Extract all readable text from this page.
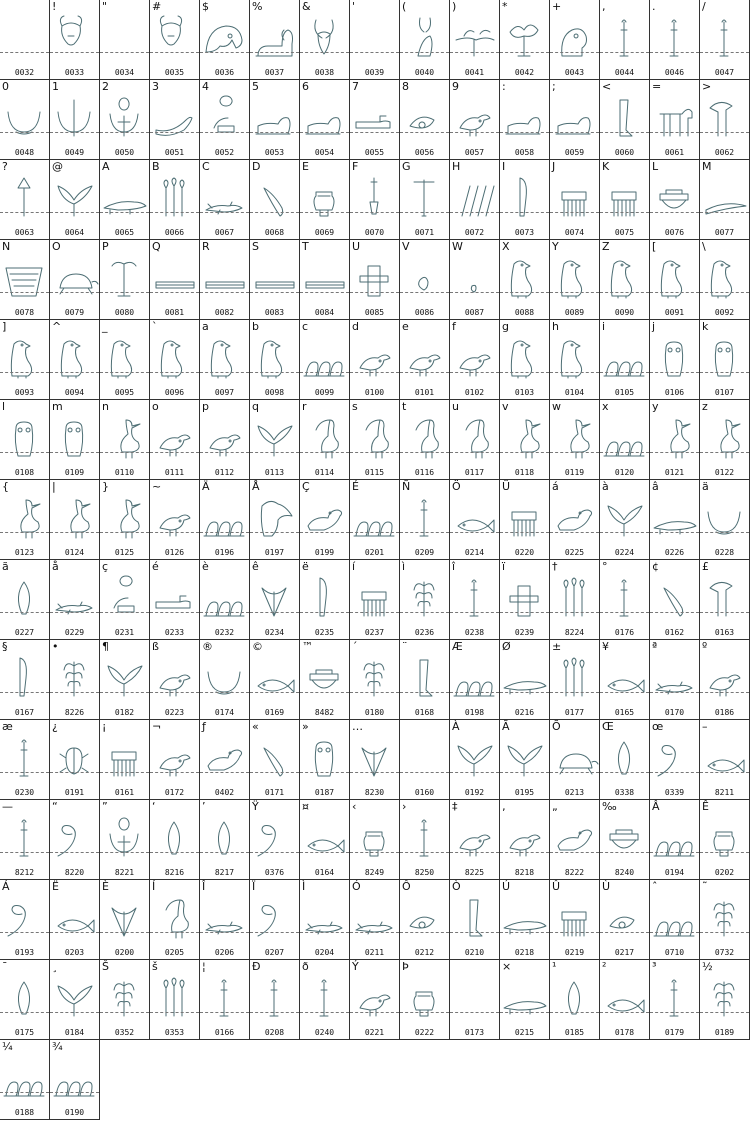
0032
!
0033
"
0034
#
0035
$
0036
%
0037
&
0038
'
0039
(
0040
)
0041
*
0042
+
0043
,
0044
.
0046
/
0047
0
0048
1
0049
2
0050
3
0051
4
0052
5
0053
6
0054
7
0055
8
0056
9
0057
:
0058
;
0059
<
0060
=
0061
>
0062
?
0063
@
0064
A
0065
B
0066
C
0067
D
0068
E
0069
F
0070
G
0071
H
0072
I
0073
J
0074
K
0075
L
0076
M
0077
N
0078
O
0079
P
0080
Q
0081
R
0082
S
0083
T
0084
U
0085
V
0086
W
0087
X
0088
Y
0089
Z
0090
[
0091
\
0092
]
0093
^
0094
_
0095
`
0096
a
0097
b
0098
c
0099
d
0100
e
0101
f
0102
g
0103
h
0104
i
0105
j
0106
k
0107
l
0108
m
0109
n
0110
o
0111
p
0112
q
0113
r
0114
s
0115
t
0116
u
0117
v
0118
w
0119
x
0120
y
0121
z
0122
{
0123
|
0124
}
0125
~
0126
Ä
0196
Å
0197
Ç
0199
É
0201
Ñ
0209
Ö
0214
Ü
0220
á
0225
à
0224
â
0226
ä
0228
ã
0227
å
0229
ç
0231
é
0233
è
0232
ê
0234
ë
0235
í
0237
ì
0236
î
0238
ï
0239
†
8224
°
0176
¢
0162
£
0163
§
0167
•
8226
¶
0182
ß
0223
®
0174
©
0169
™
8482
´
0180
¨
0168
Æ
0198
Ø
0216
±
0177
¥
0165
ª
0170
º
0186
æ
0230
¿
0191
¡
0161
¬
0172
ƒ
0402
«
0171
»
0187
…
8230	0160
À
0192
Ã
0195
Õ
0213
Œ
0338
œ
0339
–
8211
—
8212
“
8220
”
8221
‘
8216
’
8217
Ÿ
0376
¤
0164
‹
8249
›
8250
‡
8225
‚
8218
„
8222
‰
8240
Â
0194
Ê
0202
Á
0193
Ë
0203
È
0200
Í
0205
Î
0206
Ï
0207
Ì
0204
Ó
0211
Ô
0212
Ò
0210
Ú
0218
Û
0219
Ù
0217
ˆ
0710
˜
0732
¯
0175
¸
0184
Š
0352
š
0353
¦
0166
Ð
0208
ð
0240
Ý
0221
Þ
0222	0173
×
0215
¹
0185
²
0178
³
0179
½
0189
¼
0188
¾
0190
